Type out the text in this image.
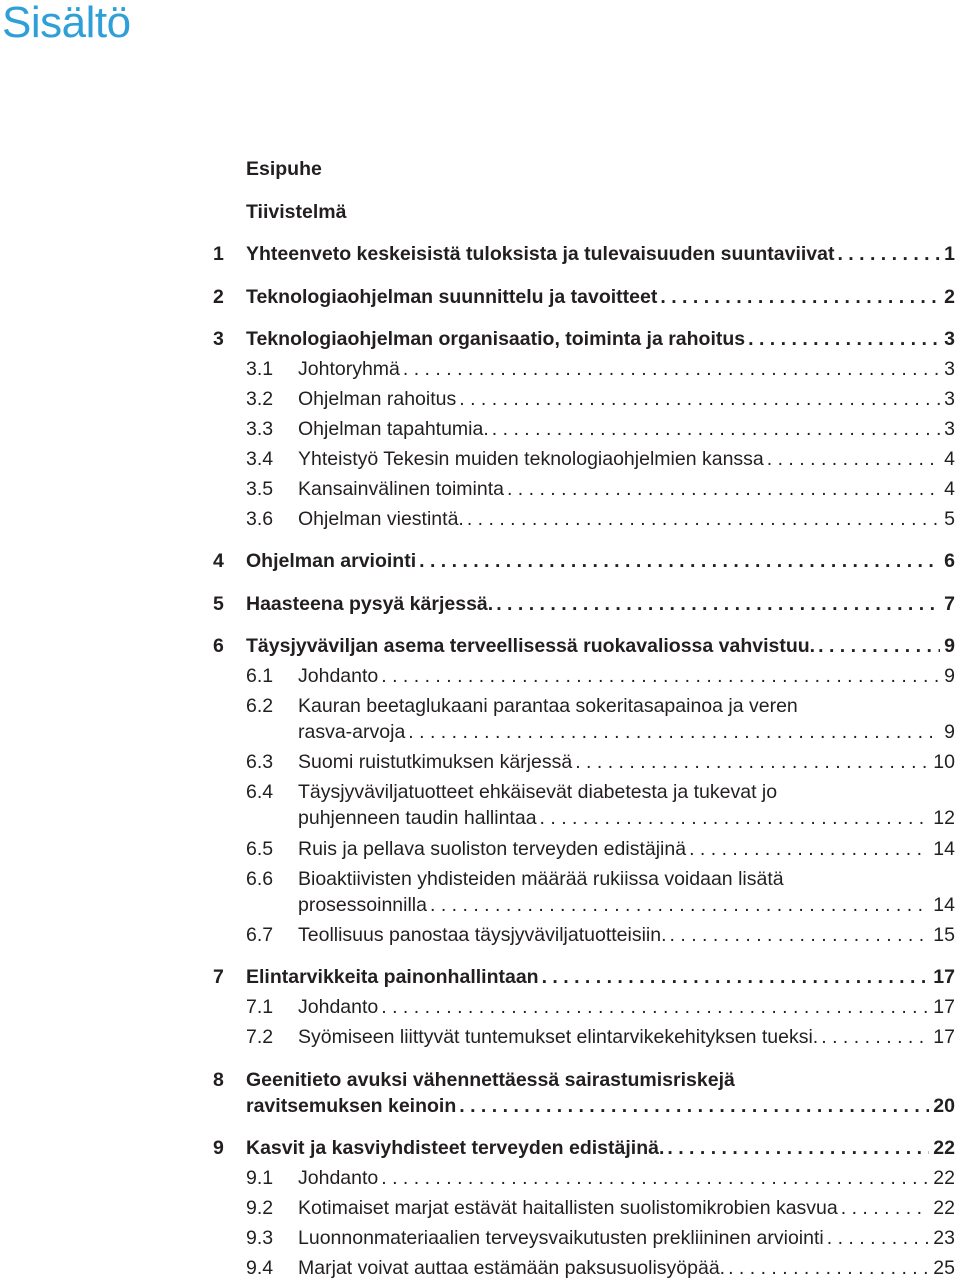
Sisältö
Esipuhe
Tiivistelmä
1	Yhteenveto keskeisistä tuloksista ja tulevaisuuden suuntaviivat . . .	1
2	Teknologiaohjelman suunnittelu ja tavoitteet . . .	2
3	Teknologiaohjelman organisaatio, toiminta ja rahoitus . . .	3
3.1	Johtoryhmä . . .	3
3.2	Ohjelman rahoitus . . .	3
3.3	Ohjelman tapahtumia. . . .	3
3.4	Yhteistyö Tekesin muiden teknologiaohjelmien kanssa . . .	4
3.5	Kansainvälinen toiminta . . .	4
3.6	Ohjelman viestintä. . . .	5
4	Ohjelman arviointi . . .	6
5	Haasteena pysyä kärjessä. . . .	7
6	Täysjyväviljan asema terveellisessä ruokavaliossa vahvistuu. . . .	9
6.1	Johdanto . . .	9
6.2	Kauran beetaglukaani parantaa sokeritasapainoa ja veren
rasva-arvoja . . .	9
6.3	Suomi ruistutkimuksen kärjessä . . .	10
6.4	Täysjyväviljatuotteet ehkäisevät diabetesta ja tukevat jo
puhjenneen taudin hallintaa . . .	12
6.5	Ruis ja pellava suoliston terveyden edistäjinä . . .	14
6.6	Bioaktiivisten yhdisteiden määrää rukiissa voidaan lisätä
prosessoinnilla . . .	14
6.7	Teollisuus panostaa täysjyväviljatuotteisiin. . . .	15
7	Elintarvikkeita painonhallintaan . . .	17
7.1	Johdanto . . .	17
7.2	Syömiseen liittyvät tuntemukset elintarvikekehityksen tueksi. . . .	17
8	Geenitieto avuksi vähennettäessä sairastumisriskejä
ravitsemuksen keinoin . . .	20
9	Kasvit ja kasviyhdisteet terveyden edistäjinä. . . .	22
9.1	Johdanto . . .	22
9.2	Kotimaiset marjat estävät haitallisten suolistomikrobien kasvua . . .	22
9.3	Luonnonmateriaalien terveysvaikutusten prekliininen arviointi . . .	23
9.4	Marjat voivat auttaa estämään paksusuolisyöpää. . . .	25
